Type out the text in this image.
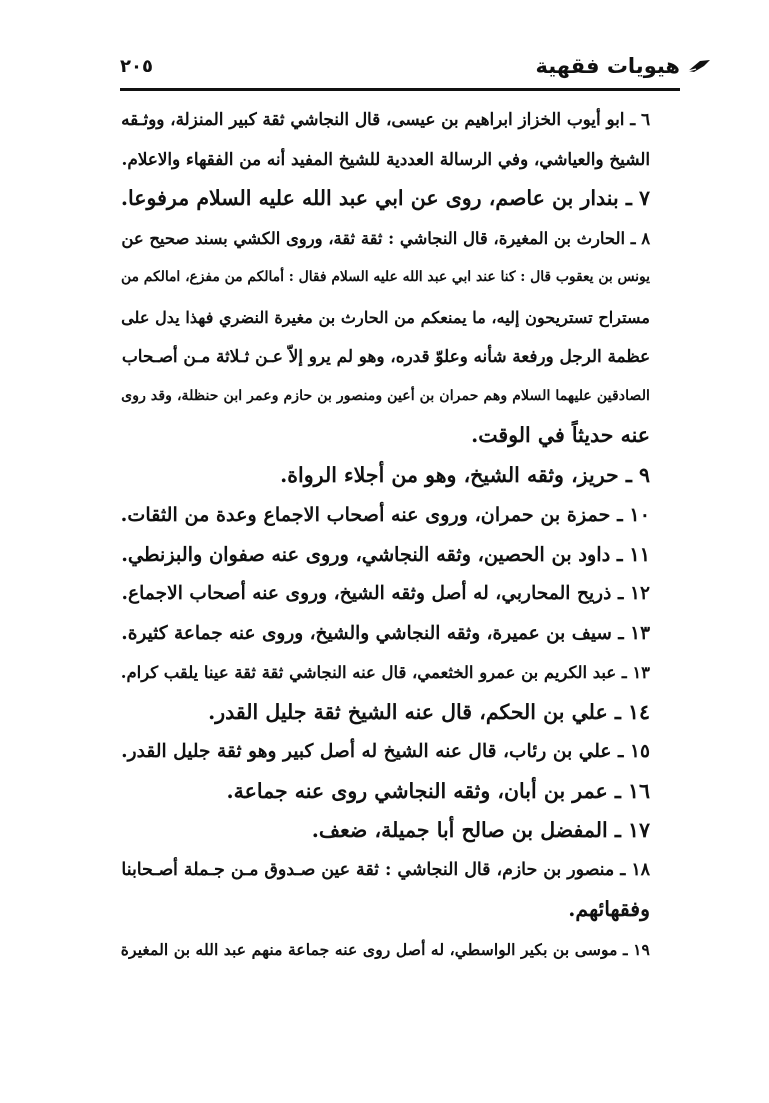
هيويات فقهية
٢٠٥

٦ ـ ابو أيوب الخزاز ابراهيم بن عيسى، قال النجاشي ثقة كبير المنزلة، ووثـقه
الشيخ والعياشي، وفي الرسالة العددية للشيخ المفيد أنه من الفقهاء والاعلام.

٧ ـ بندار بن عاصم، روى عن ابي عبد الله عليه السلام مرفوعا.

٨ ـ الحارث بن المغيرة، قال النجاشي : ثقة ثقة، وروى الكشي بسند صحيح عن
يونس بن يعقوب قال : كنا عند ابي عبد الله عليه السلام فقال : أمالكم من مفزع، امالكم من
مستراح تستريحون إليه، ما يمنعكم من الحارث بن مغيرة النضري فهذا يدل على
عظمة الرجل ورفعة شأنه وعلوّ قدره، وهو لم يرو إلاّ عـن ثـلاثة مـن أصـحاب
الصادقين عليهما السلام وهم حمران بن أعين ومنصور بن حازم وعمر ابن حنظلة، وقد روى
عنه حديثاً في الوقت.

٩ ـ حريز، وثقه الشيخ، وهو من أجلاء الرواة.

١٠ ـ حمزة بن حمران، وروى عنه أصحاب الاجماع وعدة من الثقات.

١١ ـ داود بن الحصين، وثقه النجاشي، وروى عنه صفوان والبزنطي.

١٢ ـ ذريح المحاربي، له أصل وثقه الشيخ، وروى عنه أصحاب الاجماع.

١٣ ـ سيف بن عميرة، وثقه النجاشي والشيخ، وروى عنه جماعة كثيرة.

١٣ ـ عبد الكريم بن عمرو الخثعمي، قال عنه النجاشي ثقة ثقة عينا يلقب كرام.

١٤ ـ علي بن الحكم، قال عنه الشيخ ثقة جليل القدر.

١٥ ـ علي بن رئاب، قال عنه الشيخ له أصل كبير وهو ثقة جليل القدر.

١٦ ـ عمر بن أبان، وثقه النجاشي روى عنه جماعة.

١٧ ـ المفضل بن صالح أبا جميلة، ضعف.

١٨ ـ منصور بن حازم، قال النجاشي : ثقة عين صـدوق مـن جـملة أصـحابنا
وفقهائهم.

١٩ ـ موسى بن بكير الواسطي، له أصل روى عنه جماعة منهم عبد الله بن المغيرة
